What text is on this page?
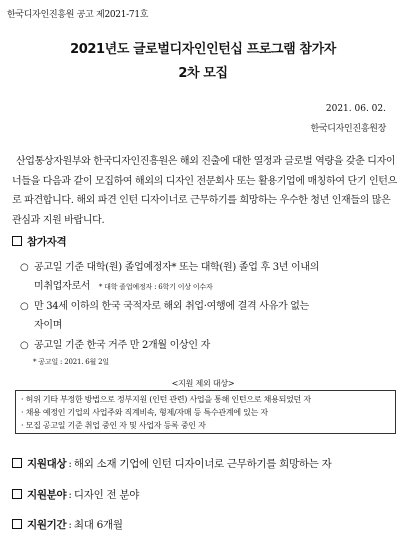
한국디자인진흥원 공고 제2021-71호
2021년도 글로벌디자인인턴십 프로그램 참가자
2차 모집
2021. 06. 02.
한국디자인진흥원장
산업통상자원부와 한국디자인진흥원은 해외 진출에 대한 열정과 글로벌 역량을 갖춘 디자이너들을 다음과 같이 모집하여 해외의 디자인 전문회사 또는 활용기업에 매칭하여 단기 인턴으로 파견합니다. 해외 파견 인턴 디자이너로 근무하기를 희망하는 우수한 청년 인재들의 많은 관심과 지원 바랍니다.
참가자격
○ 공고일 기준 대학(원) 졸업예정자* 또는 대학(원) 졸업 후 3년 이내의
미취업자로서 * 대학 졸업예정자 : 6학기 이상 이수자
○ 만 34세 이하의 한국 국적자로 해외 취업·여행에 결격 사유가 없는
자이며
○ 공고일 기준 한국 거주 만 2개월 이상인 자
* 공고일 : 2021. 6월 2일
<지원 제외 대상>
· 허위 기타 부정한 방법으로 정부지원 (인턴 관련) 사업을 통해 인턴으로 채용되었던 자
· 채용 예정인 기업의 사업주와 직계비속, 형제/자매 등 특수관계에 있는 자
· 모집 공고일 기준 취업 중인 자 및 사업자 등록 중인 자
지원대상 : 해외 소재 기업에 인턴 디자이너로 근무하기를 희망하는 자
지원분야 : 디자인 전 분야
지원기간 : 최대 6개월
